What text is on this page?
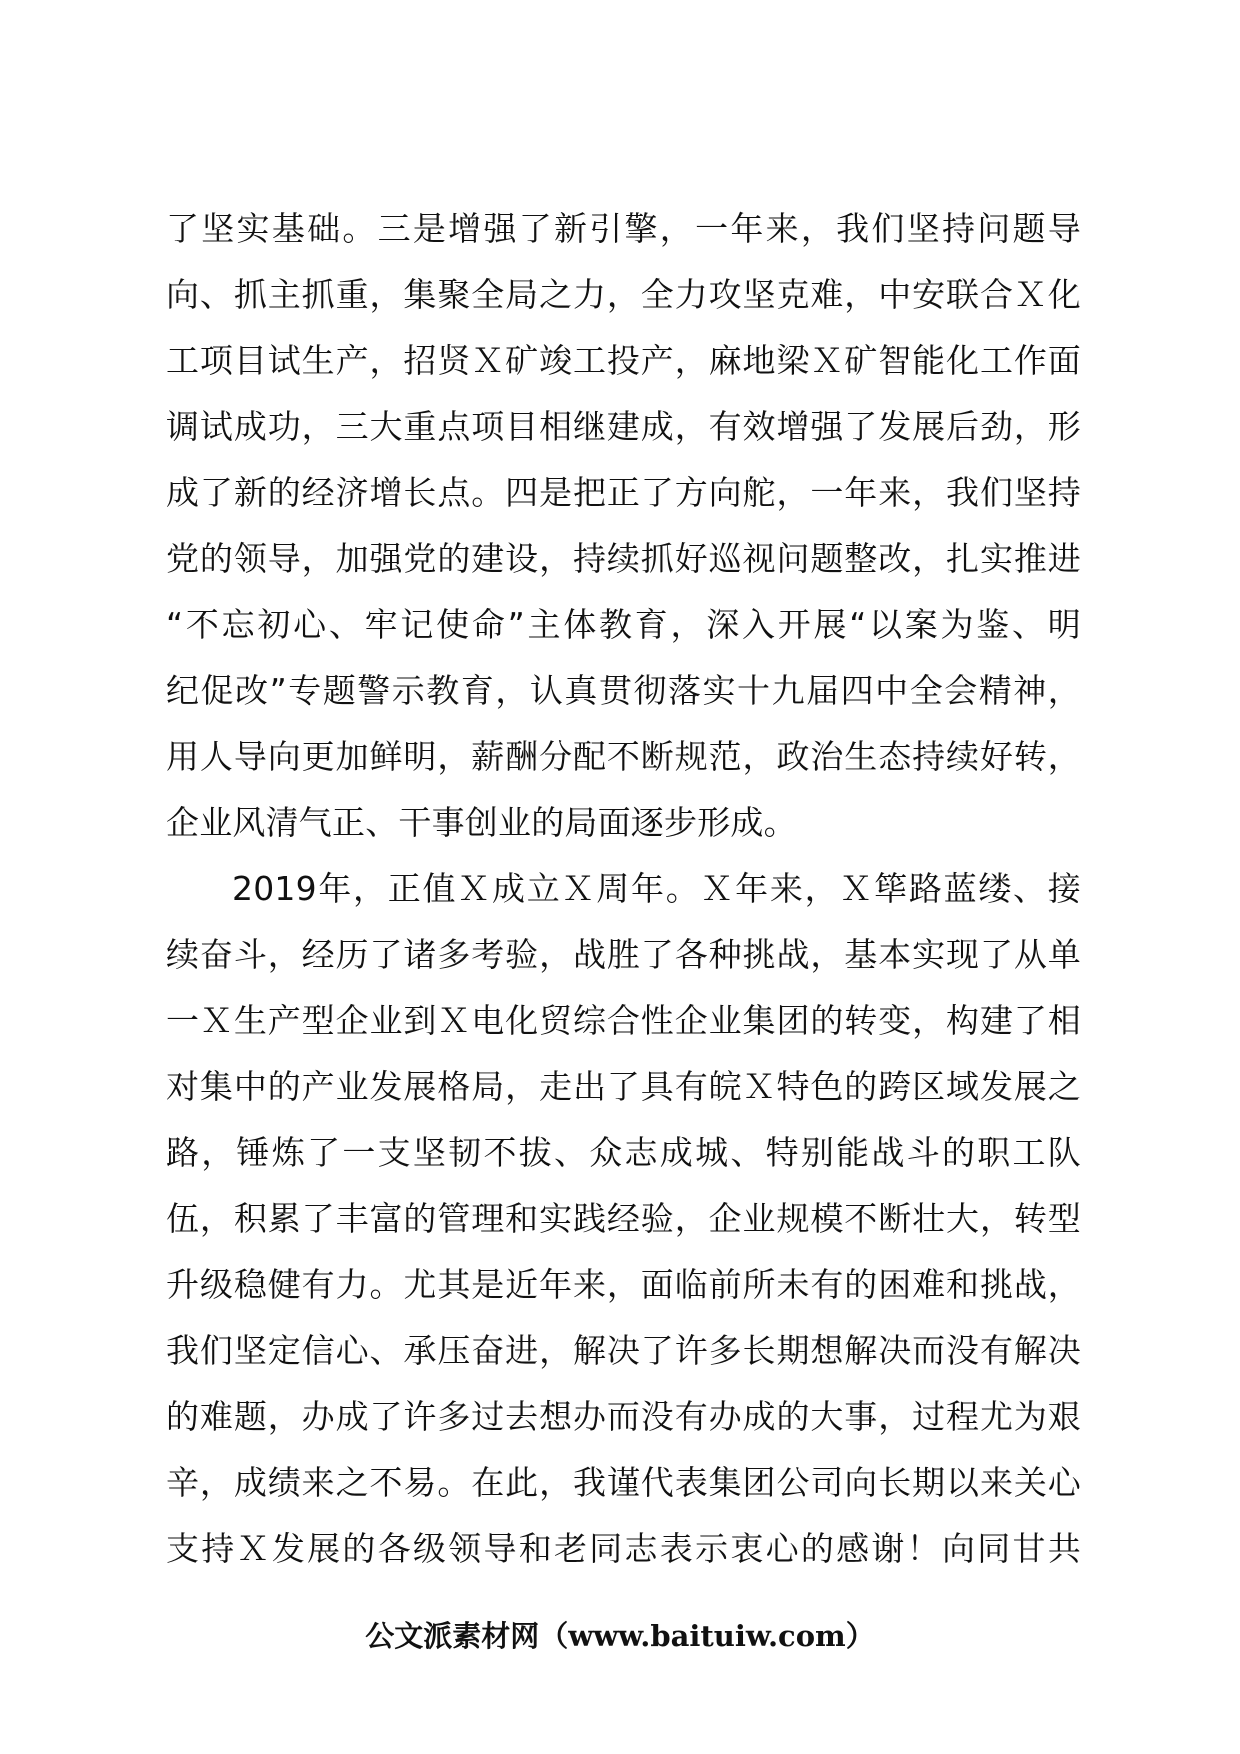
了坚实基础。三是增强了新引擎，一年来，我们坚持问题导
向、抓主抓重，集聚全局之力，全力攻坚克难，中安联合Ｘ化
工项目试生产，招贤Ｘ矿竣工投产，麻地梁Ｘ矿智能化工作面
调试成功，三大重点项目相继建成，有效增强了发展后劲，形
成了新的经济增长点。四是把正了方向舵，一年来，我们坚持
党的领导，加强党的建设，持续抓好巡视问题整改，扎实推进
“不忘初心、牢记使命”主体教育，深入开展“以案为鉴、明
纪促改”专题警示教育，认真贯彻落实十九届四中全会精神，
用人导向更加鲜明，薪酬分配不断规范，政治生态持续好转，
企业风清气正、干事创业的局面逐步形成。
2019年，正值Ｘ成立Ｘ周年。Ｘ年来，Ｘ筚路蓝缕、接
续奋斗，经历了诸多考验，战胜了各种挑战，基本实现了从单
一Ｘ生产型企业到Ｘ电化贸综合性企业集团的转变，构建了相
对集中的产业发展格局，走出了具有皖Ｘ特色的跨区域发展之
路，锤炼了一支坚韧不拔、众志成城、特别能战斗的职工队
伍，积累了丰富的管理和实践经验，企业规模不断壮大，转型
升级稳健有力。尤其是近年来，面临前所未有的困难和挑战，
我们坚定信心、承压奋进，解决了许多长期想解决而没有解决
的难题，办成了许多过去想办而没有办成的大事，过程尤为艰
辛，成绩来之不易。在此，我谨代表集团公司向长期以来关心
支持Ｘ发展的各级领导和老同志表示衷心的感谢！向同甘共
公文派素材网（www.baituiw.com）
